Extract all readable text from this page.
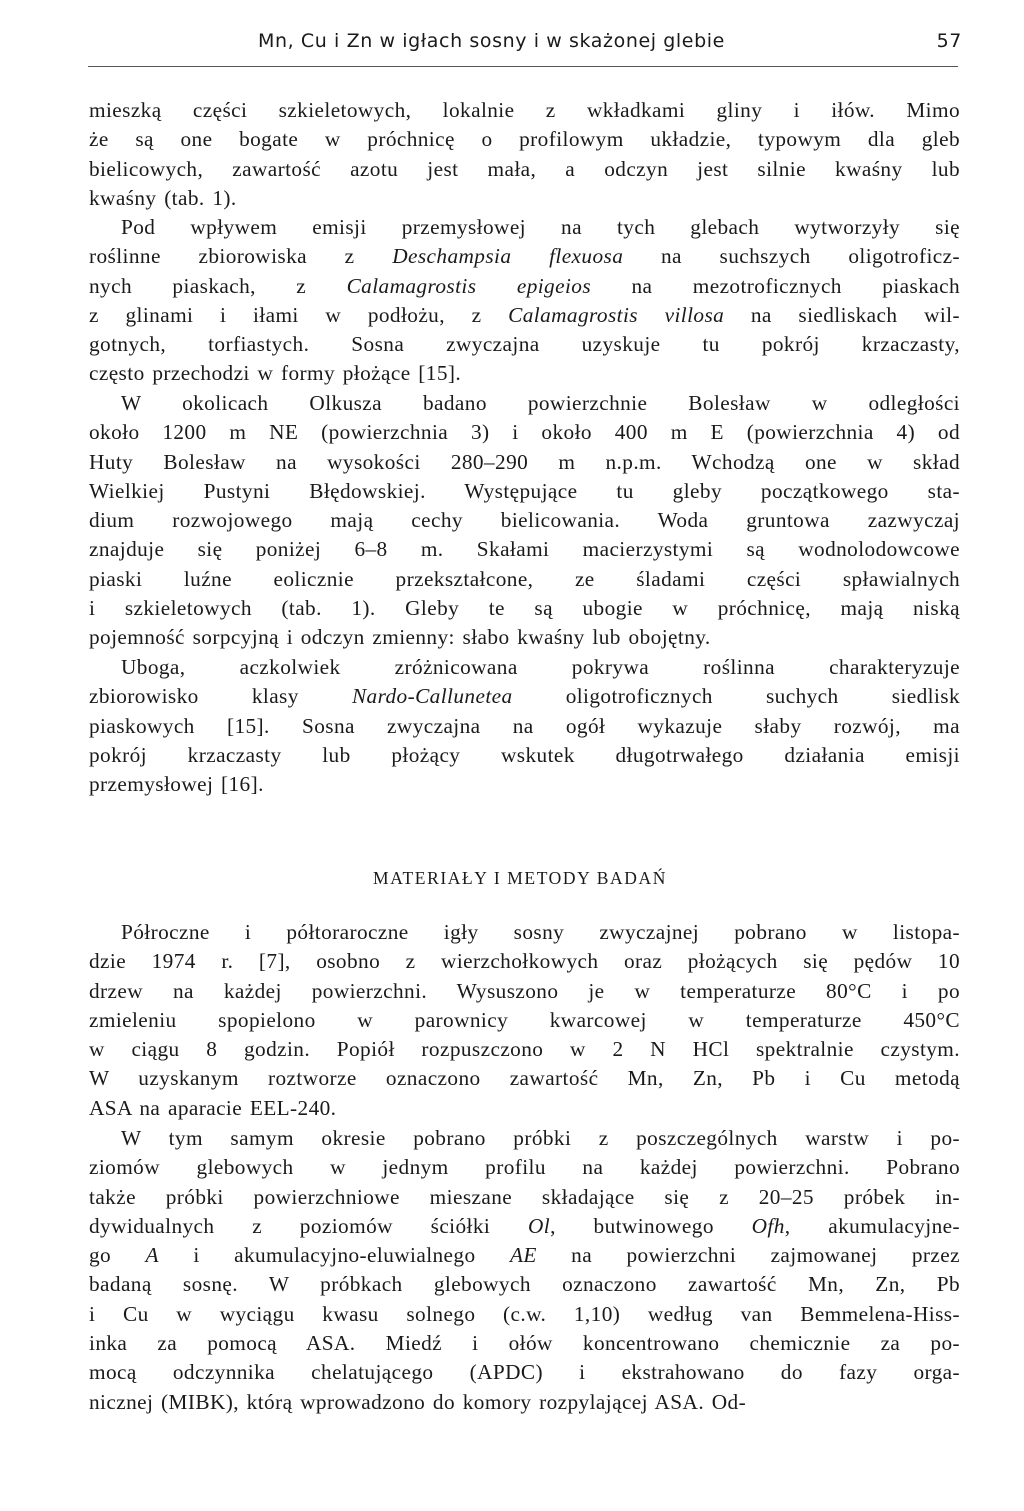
Mn, Cu i Zn w igłach sosny i w skażonej glebie	57
mieszką części szkieletowych, lokalnie z wkładkami gliny i iłów. Mimo
że są one bogate w próchnicę o profilowym układzie, typowym dla gleb
bielicowych, zawartość azotu jest mała, a odczyn jest silnie kwaśny lub
kwaśny (tab. 1).
Pod wpływem emisji przemysłowej na tych glebach wytworzyły się
roślinne zbiorowiska z Deschampsia flexuosa na suchszych oligotroficz-
nych piaskach, z Calamagrostis epigeios na mezotroficznych piaskach
z glinami i iłami w podłożu, z Calamagrostis villosa na siedliskach wil-
gotnych, torfiastych. Sosna zwyczajna uzyskuje tu pokrój krzaczasty,
często przechodzi w formy płożące [15].
W okolicach Olkusza badano powierzchnie Bolesław w odległości
około 1200 m NE (powierzchnia 3) i około 400 m E (powierzchnia 4) od
Huty Bolesław na wysokości 280–290 m n.p.m. Wchodzą one w skład
Wielkiej Pustyni Błędowskiej. Występujące tu gleby początkowego sta-
dium rozwojowego mają cechy bielicowania. Woda gruntowa zazwyczaj
znajduje się poniżej 6–8 m. Skałami macierzystymi są wodnolodowcowe
piaski luźne eolicznie przekształcone, ze śladami części spławialnych
i szkieletowych (tab. 1). Gleby te są ubogie w próchnicę, mają niską
pojemność sorpcyjną i odczyn zmienny: słabo kwaśny lub obojętny.
Uboga, aczkolwiek zróżnicowana pokrywa roślinna charakteryzuje
zbiorowisko klasy Nardo-Callunetea oligotroficznych suchych siedlisk
piaskowych [15]. Sosna zwyczajna na ogół wykazuje słaby rozwój, ma
pokrój krzaczasty lub płożący wskutek długotrwałego działania emisji
przemysłowej [16].
Półroczne i półtoraroczne igły sosny zwyczajnej pobrano w listopa-
dzie 1974 r. [7], osobno z wierzchołkowych oraz płożących się pędów 10
drzew na każdej powierzchni. Wysuszono je w temperaturze 80°C i po
zmieleniu spopielono w parownicy kwarcowej w temperaturze 450°C
w ciągu 8 godzin. Popiół rozpuszczono w 2 N HCl spektralnie czystym.
W uzyskanym roztworze oznaczono zawartość Mn, Zn, Pb i Cu metodą
ASA na aparacie EEL-240.
W tym samym okresie pobrano próbki z poszczególnych warstw i po-
ziomów glebowych w jednym profilu na każdej powierzchni. Pobrano
także próbki powierzchniowe mieszane składające się z 20–25 próbek in-
dywidualnych z poziomów ściółki Ol, butwinowego Ofh, akumulacyjne-
go A i akumulacyjno-eluwialnego AE na powierzchni zajmowanej przez
badaną sosnę. W próbkach glebowych oznaczono zawartość Mn, Zn, Pb
i Cu w wyciągu kwasu solnego (c.w. 1,10) według van Bemmelena-Hiss-
inka za pomocą ASA. Miedź i ołów koncentrowano chemicznie za po-
mocą odczynnika chelatującego (APDC) i ekstrahowano do fazy orga-
nicznej (MIBK), którą wprowadzono do komory rozpylającej ASA. Od-
MATERIAŁY I METODY BADAŃ
